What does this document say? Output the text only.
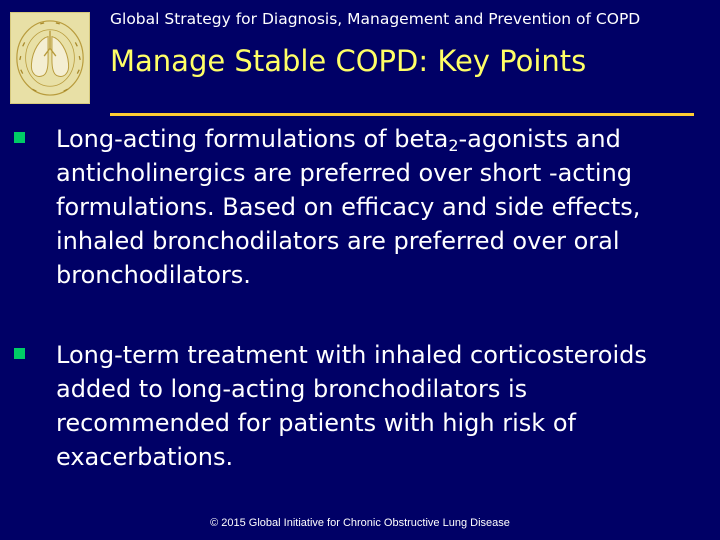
Global Strategy for Diagnosis, Management and Prevention of COPD
Manage Stable COPD: Key Points
Long-acting formulations of beta$_2$-agonists and anticholinergics are preferred over short -acting formulations. Based on efficacy and side effects, inhaled bronchodilators are preferred over oral bronchodilators.
Long-term treatment with inhaled corticosteroids added to long-acting bronchodilators is recommended for patients with high risk of exacerbations.
© 2015 Global Initiative for Chronic Obstructive Lung Disease
